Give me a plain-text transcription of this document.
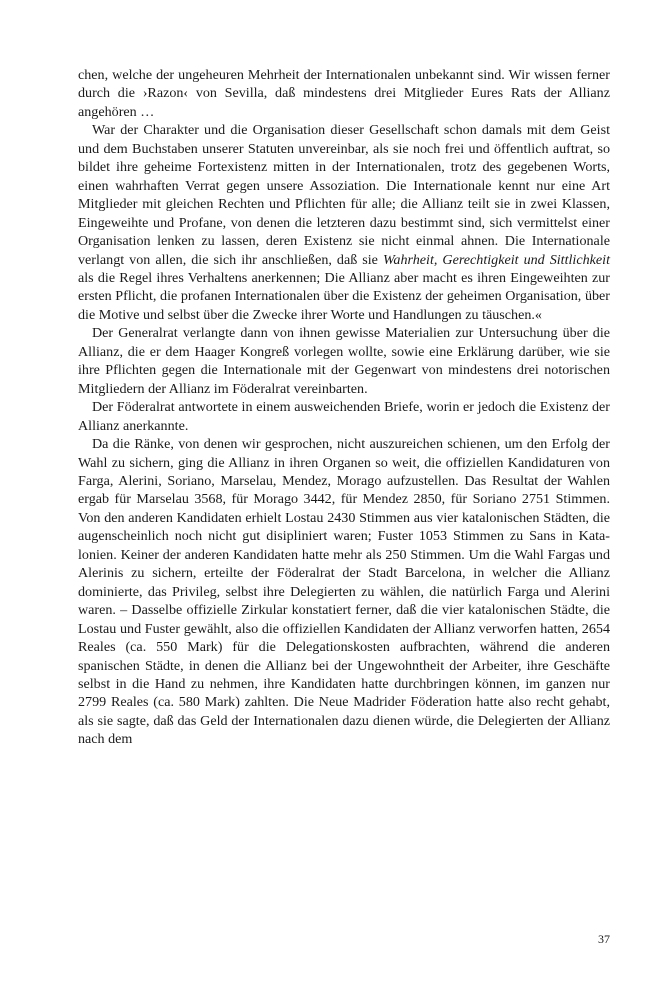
chen, welche der ungeheuren Mehrheit der Internationalen unbekannt sind. Wir wissen ferner durch die ›Razon‹ von Sevilla, daß mindestens drei Mitglieder Eures Rats der Allianz angehören …

War der Charakter und die Organisation dieser Gesellschaft schon damals mit dem Geist und dem Buchstaben unserer Statuten unvereinbar, als sie noch frei und öffentlich auftrat, so bildet ihre geheime Fortexistenz mitten in der Internationalen, trotz des gegebenen Worts, einen wahrhaften Verrat gegen unsere Assoziation. Die Internationale kennt nur eine Art Mitglieder mit gleichen Rechten und Pflichten für alle; die Allianz teilt sie in zwei Klassen, Eingeweihte und Profane, von denen die letzteren dazu bestimmt sind, sich vermittelst einer Organisation lenken zu lassen, deren Existenz sie nicht einmal ahnen. Die Internationale verlangt von allen, die sich ihr anschließen, daß sie Wahrheit, Gerechtigkeit und Sittlichkeit als die Regel ihres Verhaltens anerkennen; Die Allianz aber macht es ihren Eingeweihten zur ersten Pflicht, die profanen Internationalen über die Existenz der geheimen Organisation, über die Motive und selbst über die Zwecke ihrer Worte und Handlungen zu täuschen.«

Der Generalrat verlangte dann von ihnen gewisse Materialien zur Untersuchung über die Allianz, die er dem Haager Kongreß vorlegen wollte, sowie eine Erklärung darüber, wie sie ihre Pflichten gegen die Internationale mit der Gegenwart von mindestens drei notorischen Mitgliedern der Allianz im Föderalrat vereinbarten.

Der Föderalrat antwortete in einem ausweichenden Briefe, worin er jedoch die Existenz der Allianz anerkannte.

Da die Ränke, von denen wir gesprochen, nicht auszureichen schienen, um den Erfolg der Wahl zu sichern, ging die Allianz in ihren Organen so weit, die offiziellen Kandidaturen von Farga, Alerini, Soriano, Marselau, Mendez, Morago aufzustellen. Das Resultat der Wahlen ergab für Marselau 3568, für Morago 3442, für Mendez 2850, für Soriano 2751 Stimmen. Von den anderen Kandidaten erhielt Lostau 2430 Stimmen aus vier katalonischen Städten, die augenscheinlich noch nicht gut disipliniert waren; Fuster 1053 Stimmen zu Sans in Katalonien. Keiner der anderen Kandidaten hatte mehr als 250 Stimmen. Um die Wahl Fargas und Alerinis zu sichern, erteilte der Föderalrat der Stadt Barcelona, in welcher die Allianz dominierte, das Privileg, selbst ihre Delegierten zu wählen, die natürlich Farga und Alerini waren. – Dasselbe offizielle Zirkular konstatiert ferner, daß die vier katalonischen Städte, die Lostau und Fuster gewählt, also die offiziellen Kandidaten der Allianz verworfen hatten, 2654 Reales (ca. 550 Mark) für die Delegationskosten aufbrachten, während die anderen spanischen Städte, in denen die Allianz bei der Ungewohntheit der Arbeiter, ihre Geschäfte selbst in die Hand zu nehmen, ihre Kandidaten hatte durchbringen können, im ganzen nur 2799 Reales (ca. 580 Mark) zahlten. Die Neue Madrider Föderation hatte also recht gehabt, als sie sagte, daß das Geld der Internationalen dazu dienen würde, die Delegierten der Allianz nach dem

37
